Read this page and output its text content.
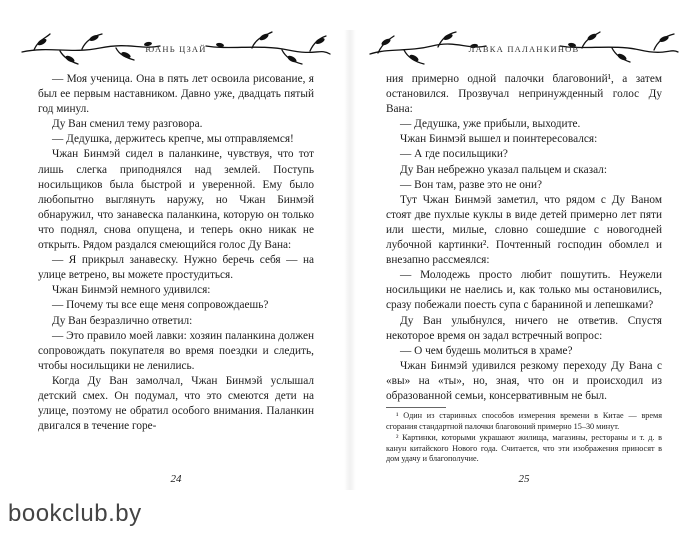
ЮАНЬ ЦЗАЙ

— Моя ученица. Она в пять лет освоила рисование, я был ее первым наставником. Давно уже, двадцать пятый год минул.

Ду Ван сменил тему разговора.

— Дедушка, держитесь крепче, мы отправляемся!

Чжан Бинмэй сидел в паланкине, чувствуя, что тот лишь слегка приподнялся над землей. Поступь носильщиков была быстрой и уверенной. Ему было любопытно выглянуть наружу, но Чжан Бинмэй обнаружил, что занавеска паланкина, которую он только что поднял, снова опущена, и теперь окно никак не открыть. Рядом раздался смеющийся голос Ду Вана:

— Я прикрыл занавеску. Нужно беречь себя — на улице ветрено, вы можете простудиться.

Чжан Бинмэй немного удивился:

— Почему ты все еще меня сопровождаешь?

Ду Ван безразлично ответил:

— Это правило моей лавки: хозяин паланкина должен сопровождать покупателя во время поездки и следить, чтобы носильщики не ленились.

Когда Ду Ван замолчал, Чжан Бинмэй услышал детский смех. Он подумал, что это смеются дети на улице, поэтому не обратил особого внимания. Паланкин двигался в течение горе-

24
ЛАВКА ПАЛАНКИНОВ

ния примерно одной палочки благовоний¹, а затем остановился. Прозвучал непринужденный голос Ду Вана:

— Дедушка, уже прибыли, выходите.

Чжан Бинмэй вышел и поинтересовался:

— А где посильщики?

Ду Ван небрежно указал пальцем и сказал:

— Вон там, разве это не они?

Тут Чжан Бинмэй заметил, что рядом с Ду Ваном стоят две пухлые куклы в виде детей примерно лет пяти или шести, милые, словно сошедшие с новогодней лубочной картинки². Почтенный господин обомлел и внезапно рассмеялся:

— Молодежь просто любит пошутить. Неужели носильщики не наелись и, как только мы остановились, сразу побежали поесть супа с бараниной и лепешками?

Ду Ван улыбнулся, ничего не ответив. Спустя некоторое время он задал встречный вопрос:

— О чем будешь молиться в храме?

Чжан Бинмэй удивился резкому переходу Ду Вана с «вы» на «ты», но, зная, что он и происходил из образованной семьи, консервативным не был.

¹ Один из старинных способов измерения времени в Китае — время сгорания стандартной палочки благовоний примерно 15–30 минут.

² Картинки, которыми украшают жилища, магазины, рестораны и т. д. в канун китайского Нового года. Считается, что эти изображения приносят в дом удачу и благополучие.

25
bookclub.by
